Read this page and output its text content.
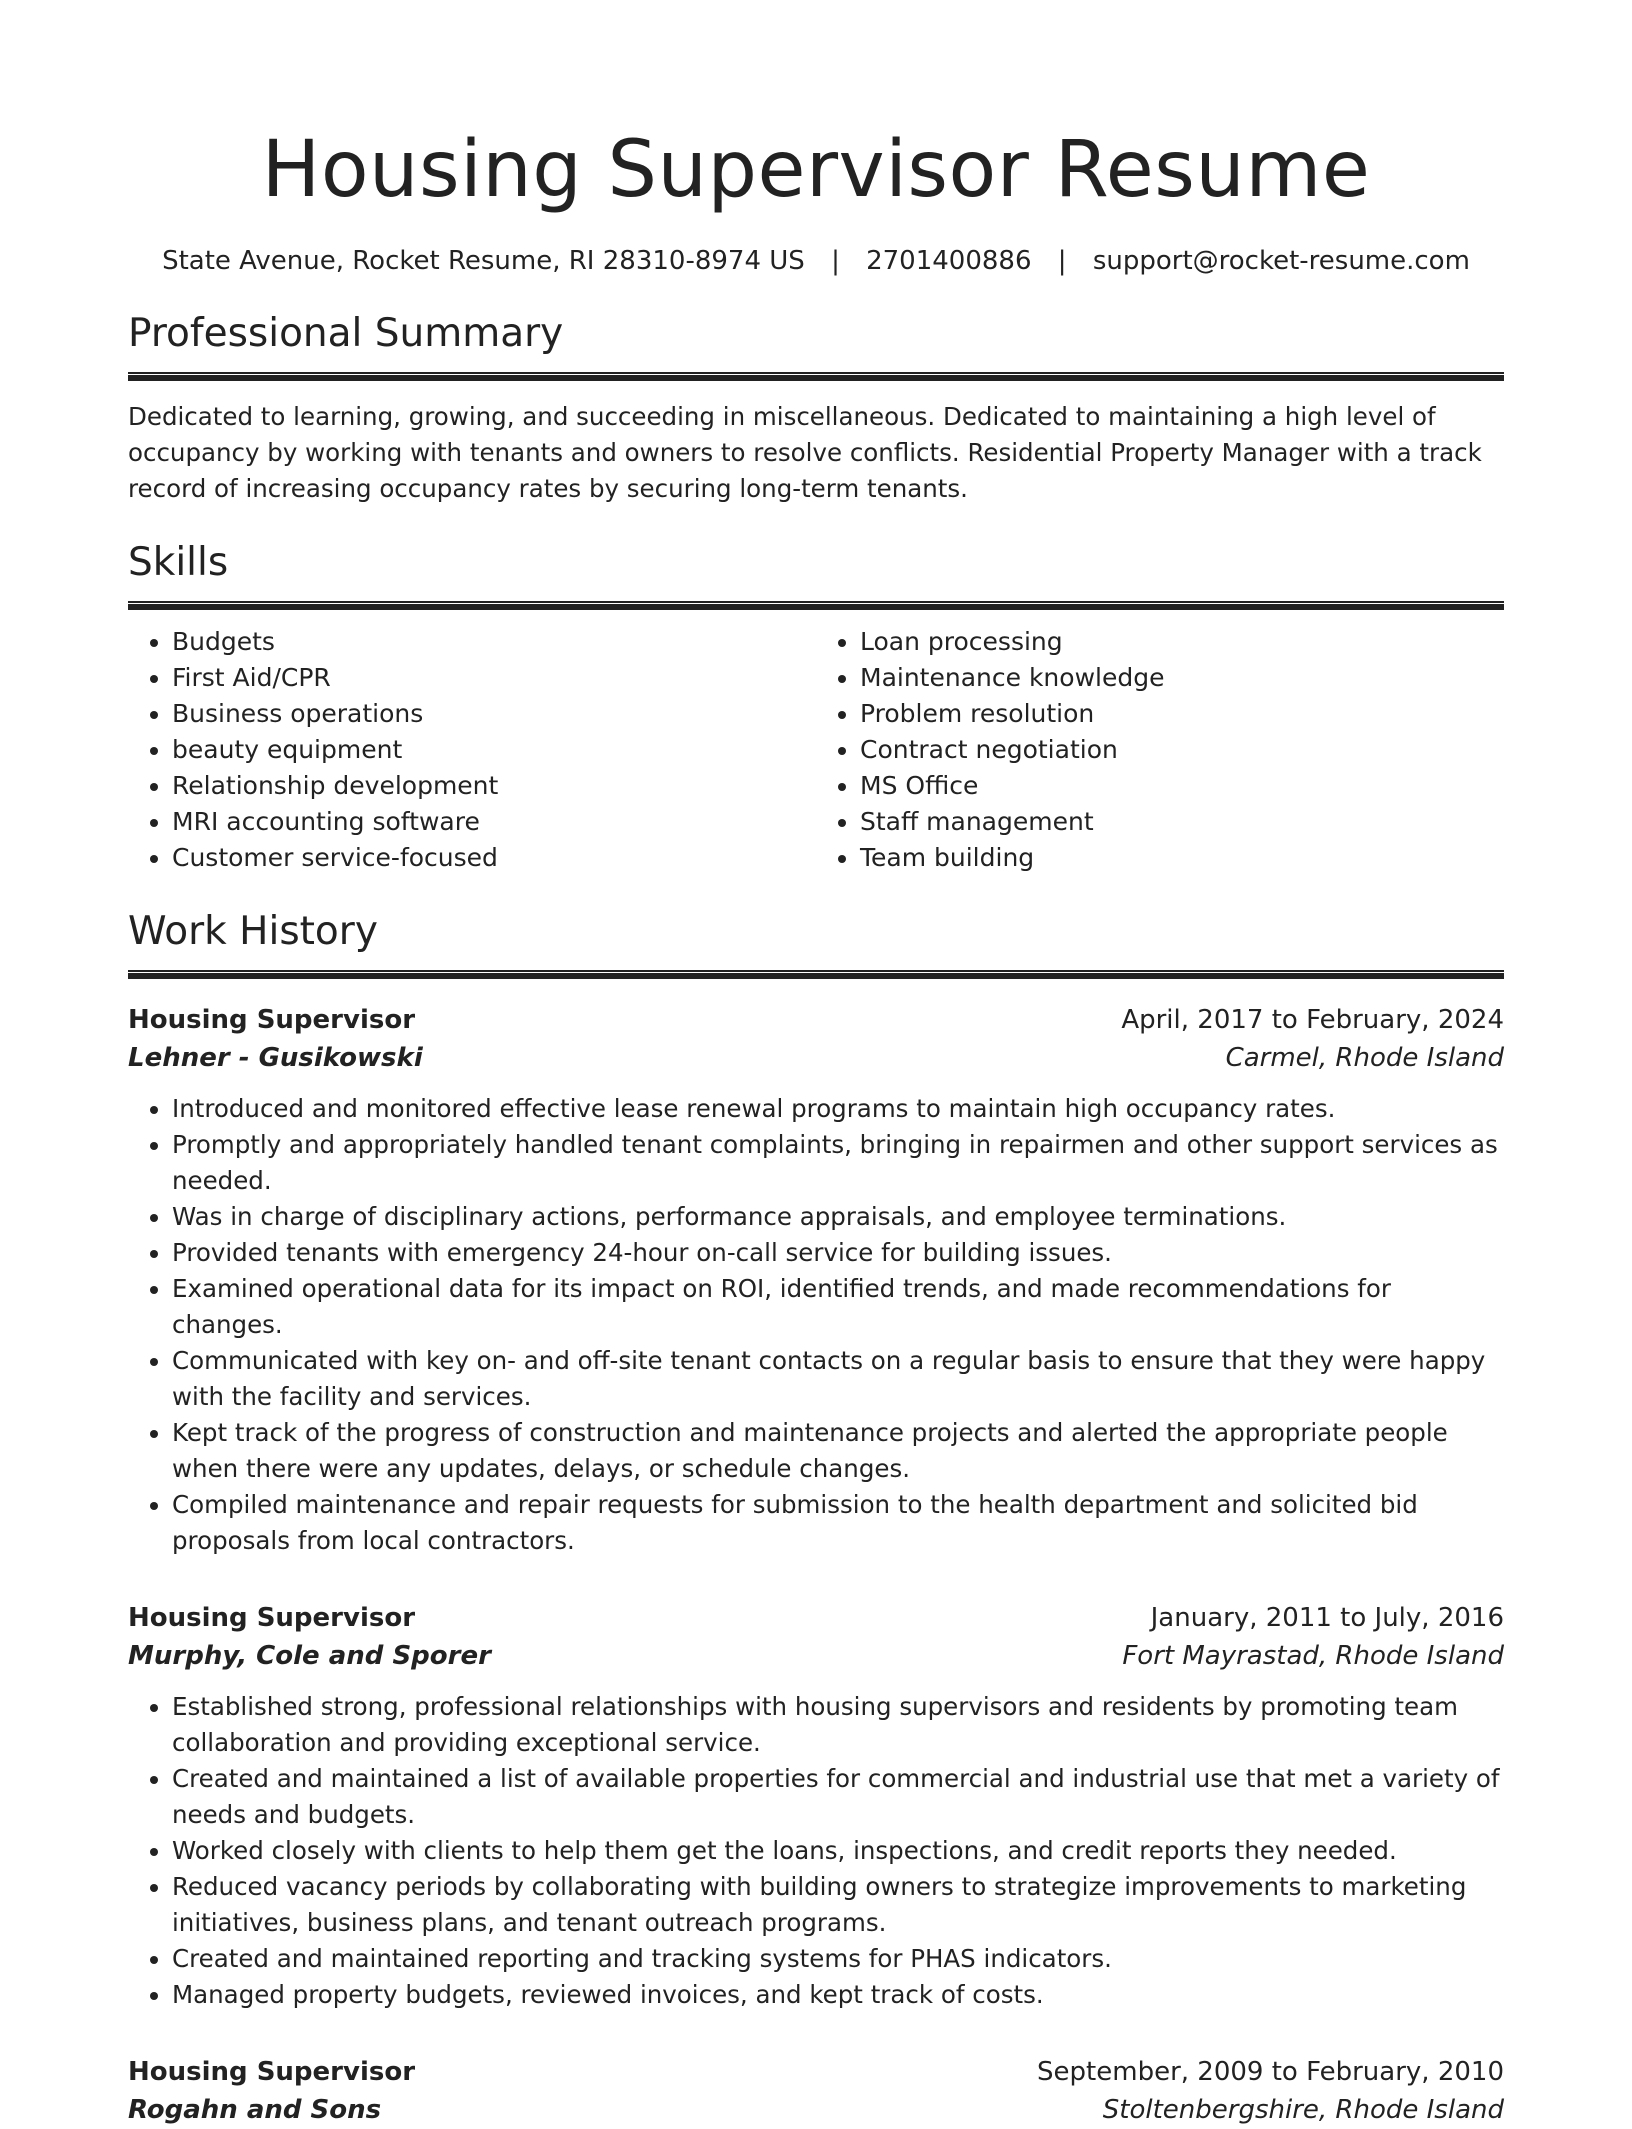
Housing Supervisor Resume
State Avenue, Rocket Resume, RI 28310-8974 US | 2701400886 | support@rocket-resume.com
Professional Summary
Dedicated to learning, growing, and succeeding in miscellaneous. Dedicated to maintaining a high level of occupancy by working with tenants and owners to resolve conflicts. Residential Property Manager with a track record of increasing occupancy rates by securing long-term tenants.
Skills
• Budgets
• First Aid/CPR
• Business operations
• beauty equipment
• Relationship development
• MRI accounting software
• Customer service-focused
• Loan processing
• Maintenance knowledge
• Problem resolution
• Contract negotiation
• MS Office
• Staff management
• Team building
Work History
Housing Supervisor	April, 2017 to February, 2024
Lehner - Gusikowski	Carmel, Rhode Island
• Introduced and monitored effective lease renewal programs to maintain high occupancy rates.
• Promptly and appropriately handled tenant complaints, bringing in repairmen and other support services as needed.
• Was in charge of disciplinary actions, performance appraisals, and employee terminations.
• Provided tenants with emergency 24-hour on-call service for building issues.
• Examined operational data for its impact on ROI, identified trends, and made recommendations for changes.
• Communicated with key on- and off-site tenant contacts on a regular basis to ensure that they were happy with the facility and services.
• Kept track of the progress of construction and maintenance projects and alerted the appropriate people when there were any updates, delays, or schedule changes.
• Compiled maintenance and repair requests for submission to the health department and solicited bid proposals from local contractors.
Housing Supervisor	January, 2011 to July, 2016
Murphy, Cole and Sporer	Fort Mayrastad, Rhode Island
• Established strong, professional relationships with housing supervisors and residents by promoting team collaboration and providing exceptional service.
• Created and maintained a list of available properties for commercial and industrial use that met a variety of needs and budgets.
• Worked closely with clients to help them get the loans, inspections, and credit reports they needed.
• Reduced vacancy periods by collaborating with building owners to strategize improvements to marketing initiatives, business plans, and tenant outreach programs.
• Created and maintained reporting and tracking systems for PHAS indicators.
• Managed property budgets, reviewed invoices, and kept track of costs.
Housing Supervisor	September, 2009 to February, 2010
Rogahn and Sons	Stoltenbergshire, Rhode Island
